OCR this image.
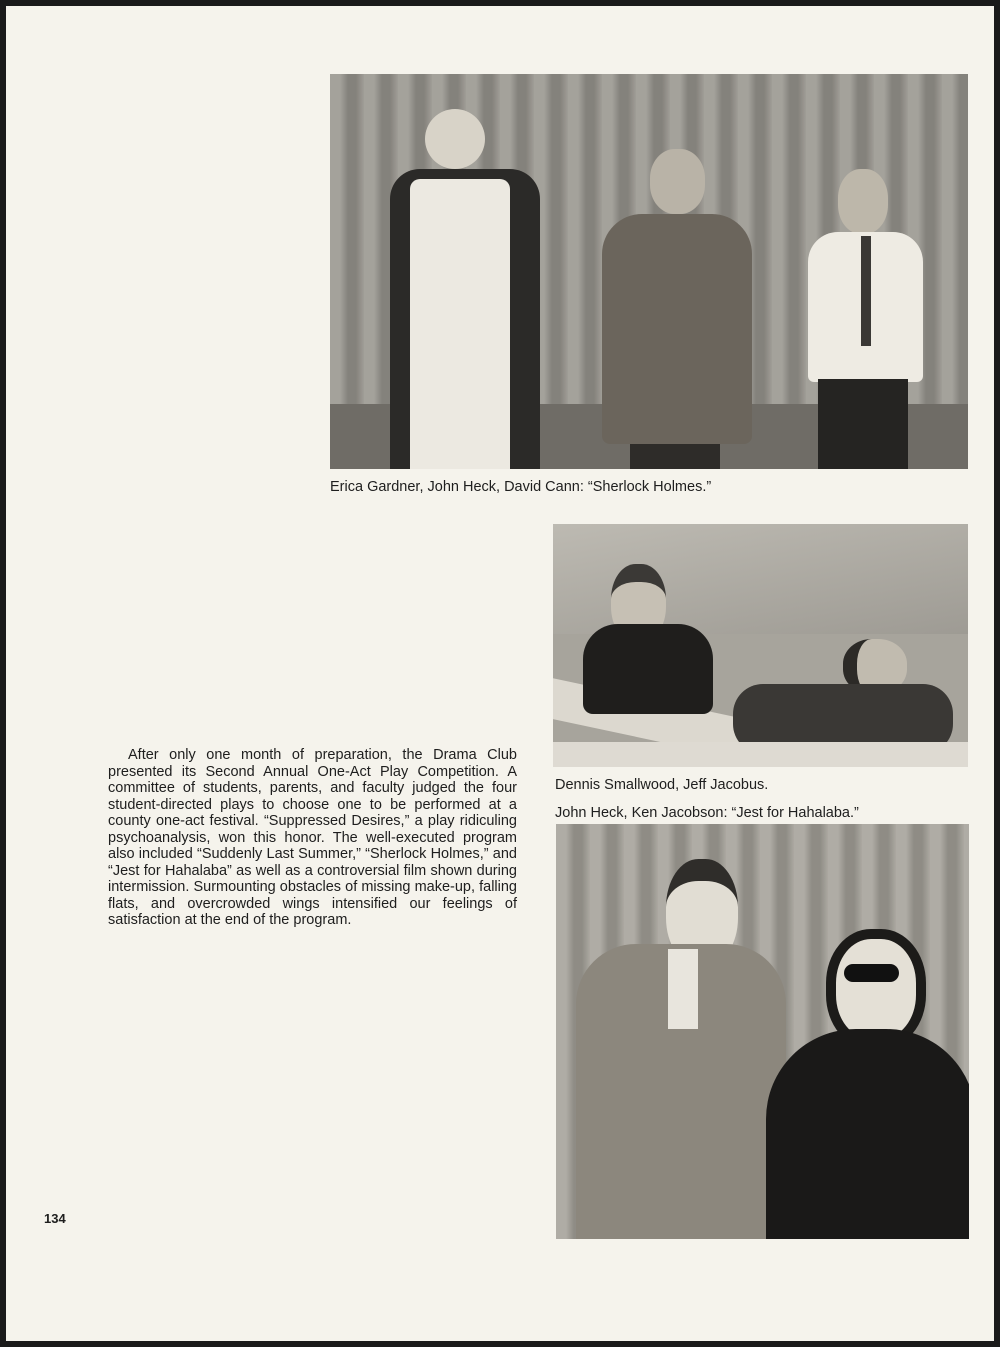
Erica Gardner, John Heck, David Cann: “Sherlock Holmes.”
Dennis Smallwood, Jeff Jacobus.
John Heck, Ken Jacobson: “Jest for Hahalaba.”

After only one month of preparation, the Drama Club presented its Second Annual One-Act Play Competition. A committee of students, parents, and faculty judged the four student-directed plays to choose one to be performed at a county one-act festival. “Suppressed Desires,” a play ridiculing psychoanalysis, won this honor. The well-executed program also included “Suddenly Last Summer,” “Sherlock Holmes,” and “Jest for Hahalaba” as well as a controversial film shown during intermission. Surmounting obstacles of missing make-up, falling flats, and overcrowded wings intensified our feelings of satisfaction at the end of the program.

134
